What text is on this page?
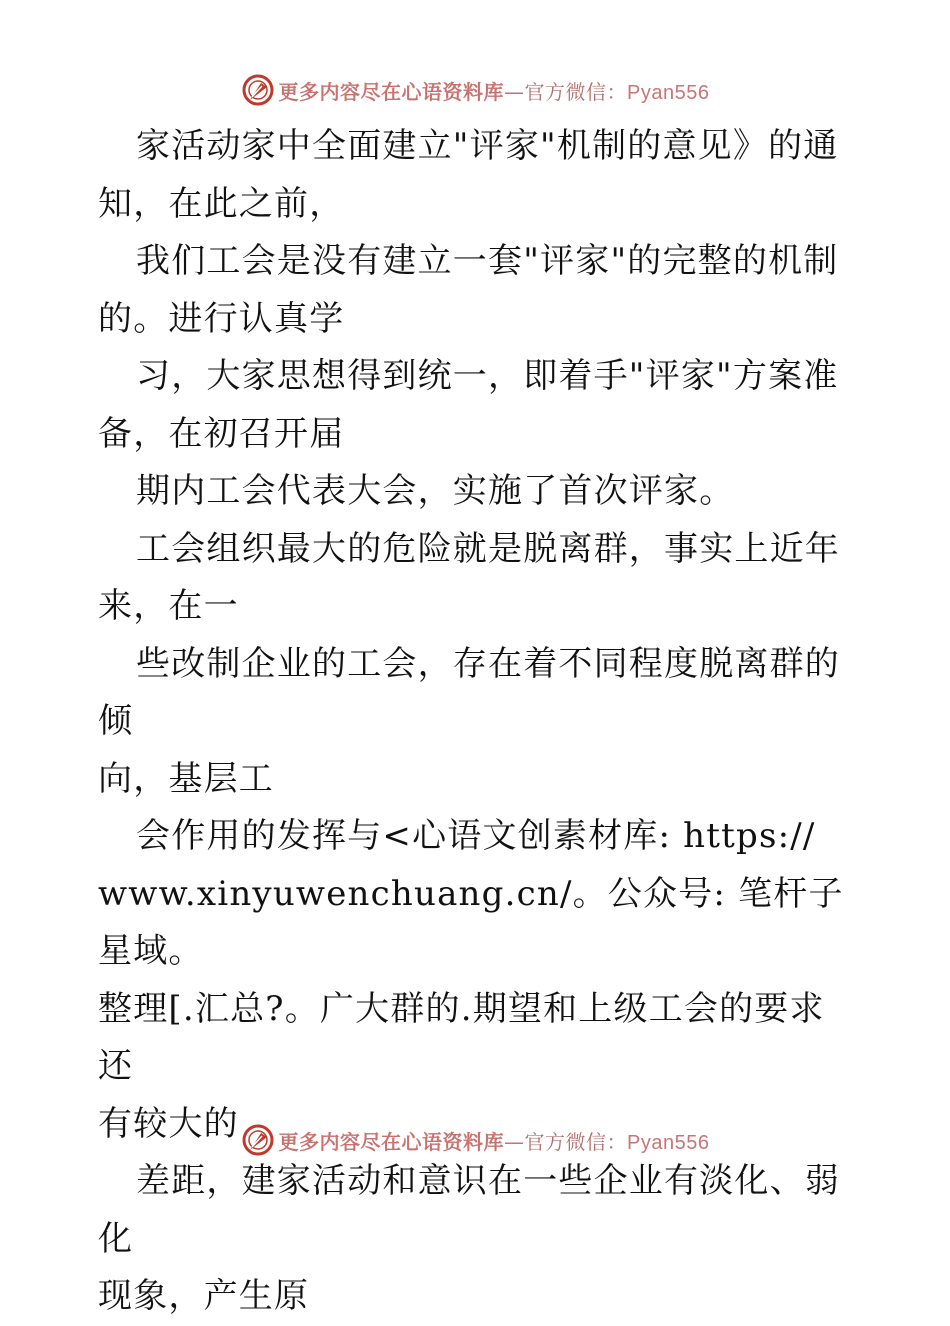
更多内容尽在心语资料库—官方微信：Pyan556

家活动家中全面建立"评家"机制的意见》的通
知，在此之前，

我们工会是没有建立一套"评家"的完整的机制
的。进行认真学

习，大家思想得到统一，即着手"评家"方案准
备，在初召开届

期内工会代表大会，实施了首次评家。

工会组织最大的危险就是脱离群，事实上近年
来，在一

些改制企业的工会，存在着不同程度脱离群的倾
向，基层工

会作用的发挥与<心语文创素材库: https://
www.xinyuwenchuang.cn/。公众号: 笔杆子星域。
整理[.汇总?。广大群的.期望和上级工会的要求还
有较大的

差距，建家活动和意识在一些企业有淡化、弱化
现象，产生原

更多内容尽在心语资料库—官方微信：Pyan556
